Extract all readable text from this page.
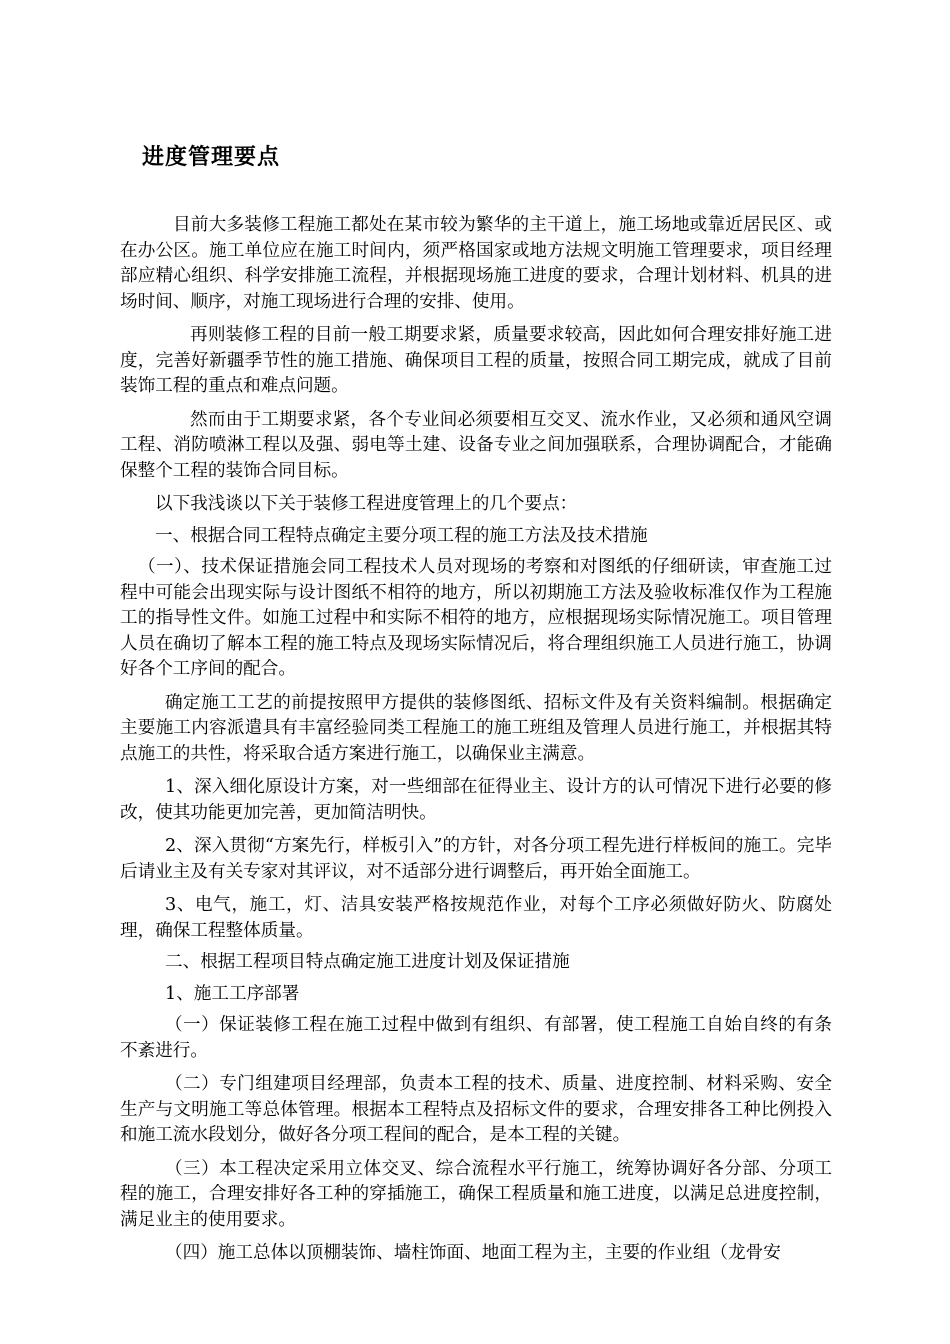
进度管理要点

目前大多装修工程施工都处在某市较为繁华的主干道上，施工场地或靠近居民区、或在办公区。施工单位应在施工时间内，须严格国家或地方法规文明施工管理要求，项目经理部应精心组织、科学安排施工流程，并根据现场施工进度的要求，合理计划材料、机具的进场时间、顺序，对施工现场进行合理的安排、使用。

再则装修工程的目前一般工期要求紧，质量要求较高，因此如何合理安排好施工进度，完善好新疆季节性的施工措施、确保项目工程的质量，按照合同工期完成，就成了目前装饰工程的重点和难点问题。

然而由于工期要求紧，各个专业间必须要相互交叉、流水作业，又必须和通风空调工程、消防喷淋工程以及强、弱电等土建、设备专业之间加强联系，合理协调配合，才能确保整个工程的装饰合同目标。

以下我浅谈以下关于装修工程进度管理上的几个要点：

一、根据合同工程特点确定主要分项工程的施工方法及技术措施

（一）、技术保证措施会同工程技术人员对现场的考察和对图纸的仔细研读，审查施工过程中可能会出现实际与设计图纸不相符的地方，所以初期施工方法及验收标准仅作为工程施工的指导性文件。如施工过程中和实际不相符的地方，应根据现场实际情况施工。项目管理人员在确切了解本工程的施工特点及现场实际情况后，将合理组织施工人员进行施工，协调好各个工序间的配合。

确定施工工艺的前提按照甲方提供的装修图纸、招标文件及有关资料编制。根据确定主要施工内容派遣具有丰富经验同类工程施工的施工班组及管理人员进行施工，并根据其特点施工的共性，将采取合适方案进行施工，以确保业主满意。

1、深入细化原设计方案，对一些细部在征得业主、设计方的认可情况下进行必要的修改，使其功能更加完善，更加简洁明快。

2、深入贯彻“方案先行，样板引入”的方针，对各分项工程先进行样板间的施工。完毕后请业主及有关专家对其评议，对不适部分进行调整后，再开始全面施工。

3、电气，施工，灯、洁具安装严格按规范作业，对每个工序必须做好防火、防腐处理，确保工程整体质量。

二、根据工程项目特点确定施工进度计划及保证措施

1、施工工序部署

（一）保证装修工程在施工过程中做到有组织、有部署，使工程施工自始自终的有条不紊进行。

（二）专门组建项目经理部，负责本工程的技术、质量、进度控制、材料采购、安全生产与文明施工等总体管理。根据本工程特点及招标文件的要求，合理安排各工种比例投入和施工流水段划分，做好各分项工程间的配合，是本工程的关键。

（三）本工程决定采用立体交叉、综合流程水平行施工，统筹协调好各分部、分项工程的施工，合理安排好各工种的穿插施工，确保工程质量和施工进度，以满足总进度控制，满足业主的使用要求。

（四）施工总体以顶棚装饰、墙柱饰面、地面工程为主，主要的作业组（龙骨安
